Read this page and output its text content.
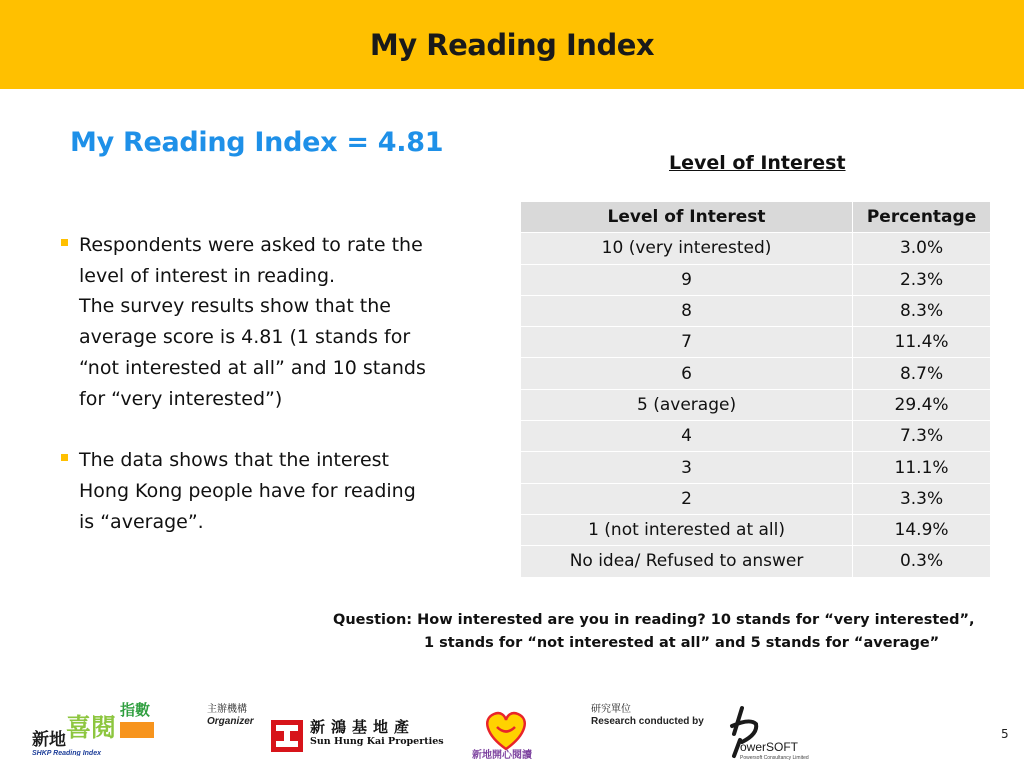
My Reading Index
My Reading Index = 4.81
Respondents were asked to rate the
level of interest in reading.
The survey results show that the
average score is 4.81 (1 stands for
“not interested at all” and 10 stands
for “very interested”)
The data shows that the interest
Hong Kong people have for reading
is “average”.
Level of Interest
Level of Interest	Percentage
10 (very interested)	3.0%
9	2.3%
8	8.3%
7	11.4%
6	8.7%
5 (average)	29.4%
4	7.3%
3	11.1%
2	3.3%
1 (not interested at all)	14.9%
No idea/ Refused to answer	0.3%
Question: How interested are you in reading? 10 stands for “very interested”,
1 stands for “not interested at all” and 5 stands for “average”
新地 喜閱
指數
SHKP Reading Index
主辦機構
Organizer	新鴻基地產
Sun Hung Kai Properties
新地開心閱讀
研究單位
Research conducted by
owerSOFT
Powersoft Consultancy Limited
5
